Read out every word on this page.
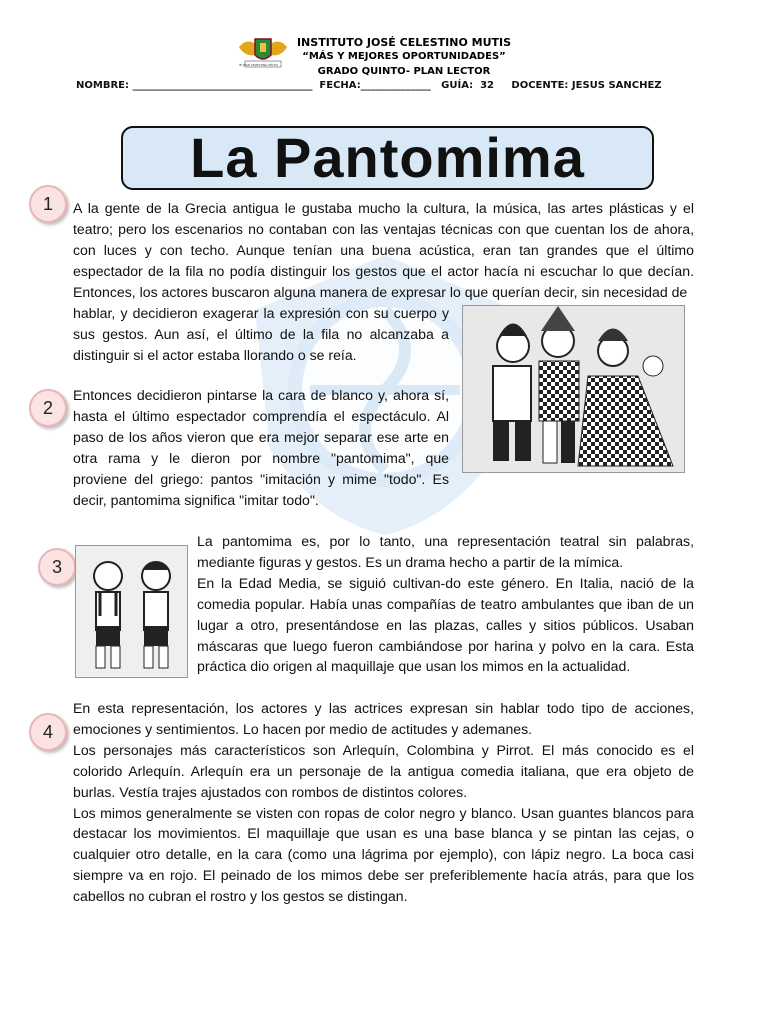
IE JOSE CELESTINO MUTIS
INSTITUTO JOSÉ CELESTINO MUTIS
“MÁS Y MEJORES OPORTUNIDADES”
GRADO QUINTO- PLAN LECTOR
NOMBRE: ____________________________________  FECHA:______________   GUÍA:  32     DOCENTE: JESUS SANCHEZ
La Pantomima
1	A la gente de la Grecia antigua le gustaba mucho la cultura, la música, las artes plásticas y el teatro; pero los escenarios no contaban con las ventajas técnicas con que cuentan los de ahora, con luces y con techo. Aunque tenían una buena acústica, eran tan grandes que el último espectador de la fila no podía distinguir los gestos que el actor hacía ni escuchar lo que decían. Entonces, los actores buscaron alguna manera de expresar lo que querían decir, sin necesidad de

hablar, y decidieron exagerar la expresión con su cuerpo y sus gestos. Aun así, el último de la fila no alcanzaba a distinguir si el actor estaba llorando o se reía.

2

Entonces decidieron pintarse la cara de blanco y, ahora sí, hasta el último espectador comprendía el espectáculo. Al paso de los años vieron que era mejor separar ese arte en otra rama y le dieron por nombre "pantomima", que proviene del griego: pantos "imitación y mime "todo". Es decir, pantomima significa "imitar todo".

3

La pantomima es, por lo tanto, una representación teatral sin palabras, mediante figuras y gestos. Es un drama hecho a partir de la mímica.

En la Edad Media, se siguió cultivan-do este género. En Italia, nació de la comedia popular. Había unas compañías de teatro ambulantes que iban de un lugar a otro, presentándose en las plazas, calles y sitios públicos. Usaban máscaras que luego fueron cambiándose por harina y polvo en la cara. Esta práctica dio origen al maquillaje que usan los mimos en la actualidad.

4

En esta representación, los actores y las actrices expresan sin hablar todo tipo de acciones, emociones y sentimientos. Lo hacen por medio de actitudes y ademanes.

Los personajes más característicos son Arlequín, Colombina y Pirrot. El más conocido es el colorido Arlequín. Arlequín era un personaje de la antigua comedia italiana, que era objeto de burlas. Vestía trajes ajustados con rombos de distintos colores.

Los mimos generalmente se visten con ropas de color negro y blanco. Usan guantes blancos para destacar los movimientos. El maquillaje que usan es una base blanca y se pintan las cejas, o cualquier otro detalle, en la cara (como una lágrima por ejemplo), con lápiz negro. La boca casi siempre va en rojo. El peinado de los mimos debe ser preferiblemente hacía atrás, para que los cabellos no cubran el rostro y los gestos se distingan.
